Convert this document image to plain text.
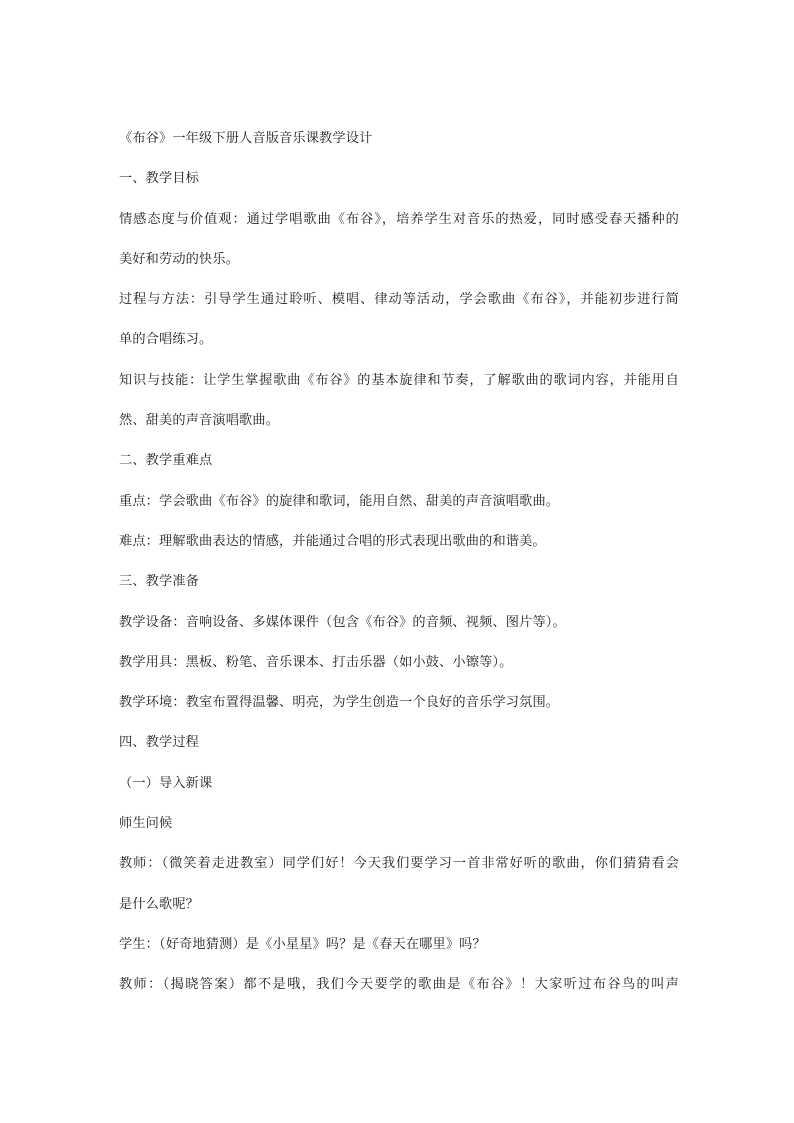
《布谷》一年级下册人音版音乐课教学设计
一、教学目标
情感态度与价值观：通过学唱歌曲《布谷》，培养学生对音乐的热爱，同时感受春天播种的
美好和劳动的快乐。
过程与方法：引导学生通过聆听、模唱、律动等活动，学会歌曲《布谷》，并能初步进行简
单的合唱练习。
知识与技能：让学生掌握歌曲《布谷》的基本旋律和节奏，了解歌曲的歌词内容，并能用自
然、甜美的声音演唱歌曲。
二、教学重难点
重点：学会歌曲《布谷》的旋律和歌词，能用自然、甜美的声音演唱歌曲。
难点：理解歌曲表达的情感，并能通过合唱的形式表现出歌曲的和谐美。
三、教学准备
教学设备：音响设备、多媒体课件（包含《布谷》的音频、视频、图片等）。
教学用具：黑板、粉笔、音乐课本、打击乐器（如小鼓、小镲等）。
教学环境：教室布置得温馨、明亮，为学生创造一个良好的音乐学习氛围。
四、教学过程
（一）导入新课
师生问候
教师：（微笑着走进教室）同学们好！今天我们要学习一首非常好听的歌曲，你们猜猜看会
是什么歌呢？
学生：（好奇地猜测）是《小星星》吗？是《春天在哪里》吗？
教师：（揭晓答案）都不是哦，我们今天要学的歌曲是《布谷》！大家听过布谷鸟的叫声
